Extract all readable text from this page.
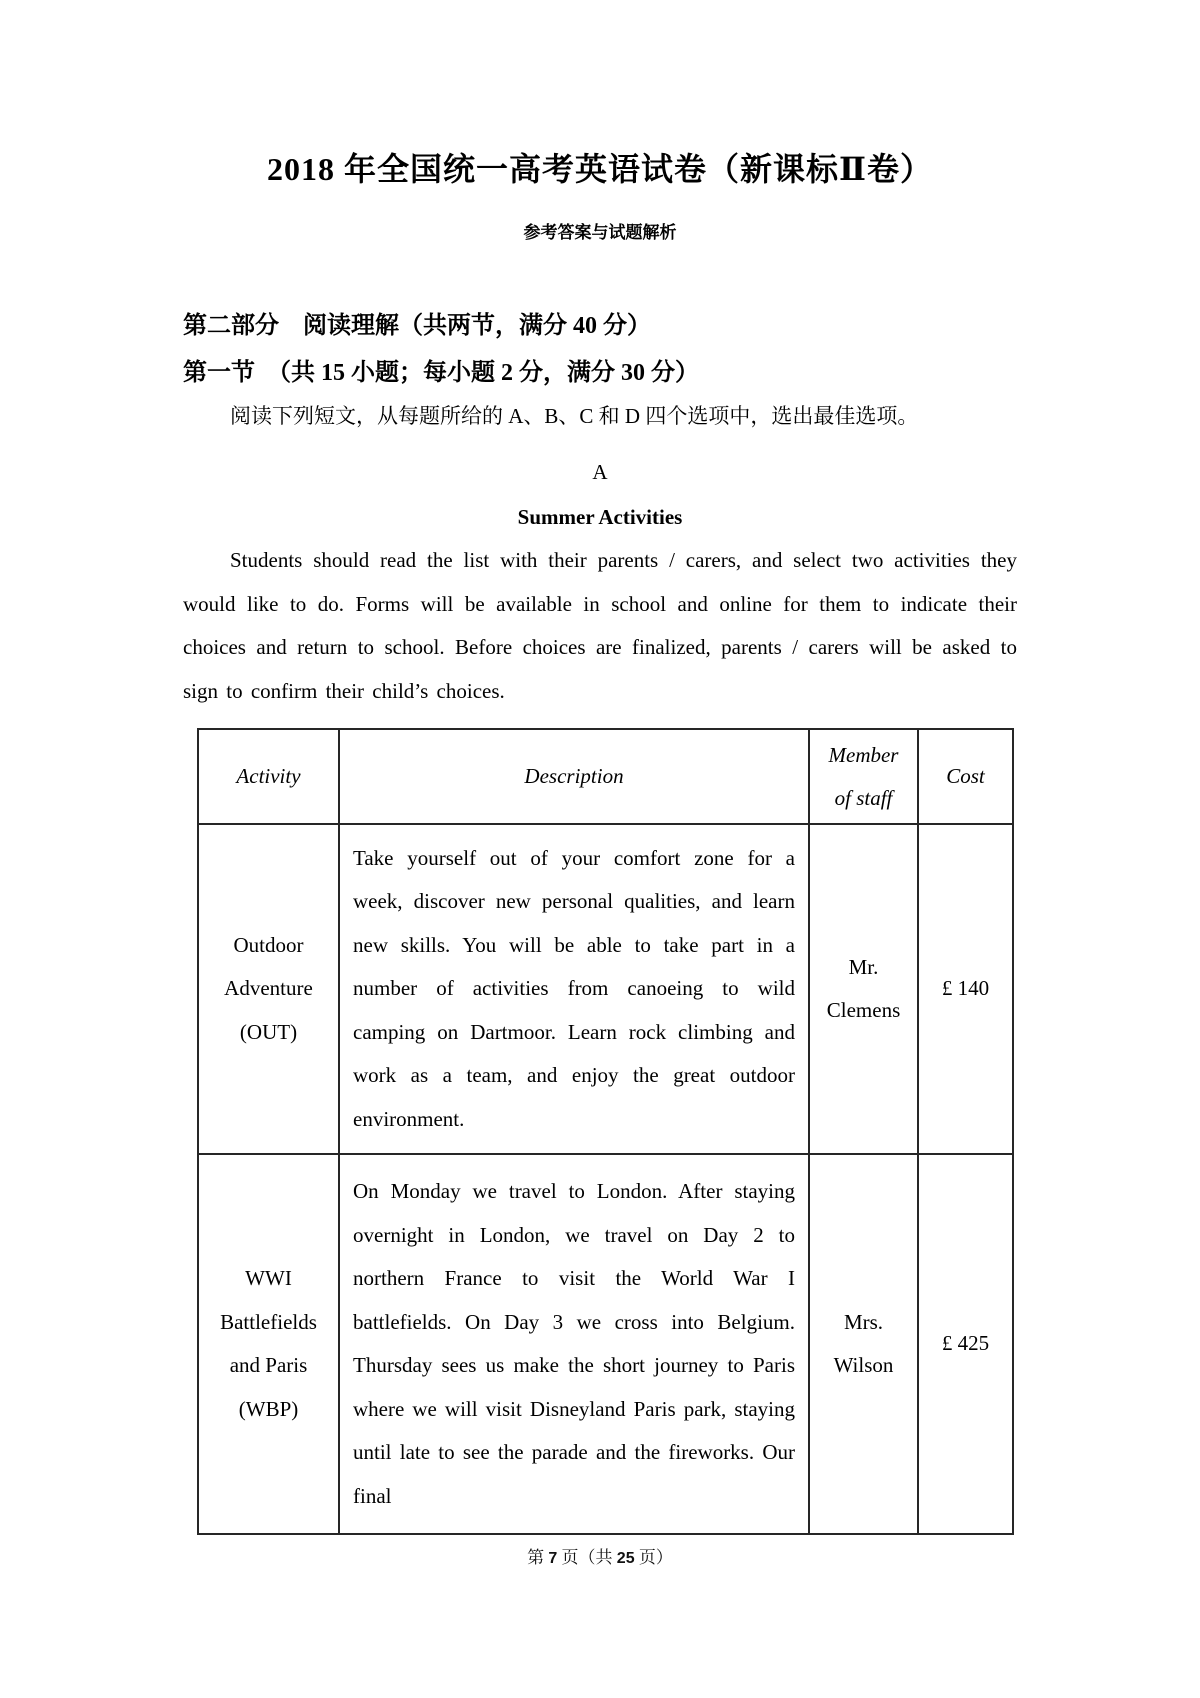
2018 年全国统一高考英语试卷（新课标Ⅱ卷）
参考答案与试题解析
第二部分　阅读理解（共两节，满分 40 分）
第一节　（共 15 小题；每小题 2 分，满分 30 分）

阅读下列短文，从每题所给的 A、B、C 和 D 四个选项中，选出最佳选项。

A
Summer Activities

Students should read the list with their parents / carers, and select two activities they would like to do. Forms will be available in school and online for them to indicate their choices and return to school. Before choices are finalized, parents / carers will be asked to sign to confirm their child’s choices.

Activity	Description	Member of staff	Cost
Outdoor Adventure (OUT)	Take yourself out of your comfort zone for a week, discover new personal qualities, and learn new skills. You will be able to take part in a number of activities from canoeing to wild camping on Dartmoor. Learn rock climbing and work as a team, and enjoy the great outdoor environment.	Mr. Clemens	£ 140
WWI Battlefields and Paris (WBP)	On Monday we travel to London. After staying overnight in London, we travel on Day 2 to northern France to visit the World War I battlefields. On Day 3 we cross into Belgium. Thursday sees us make the short journey to Paris where we will visit Disneyland Paris park, staying until late to see the parade and the fireworks. Our final	Mrs. Wilson	£ 425
第 7 页（共 25 页）
